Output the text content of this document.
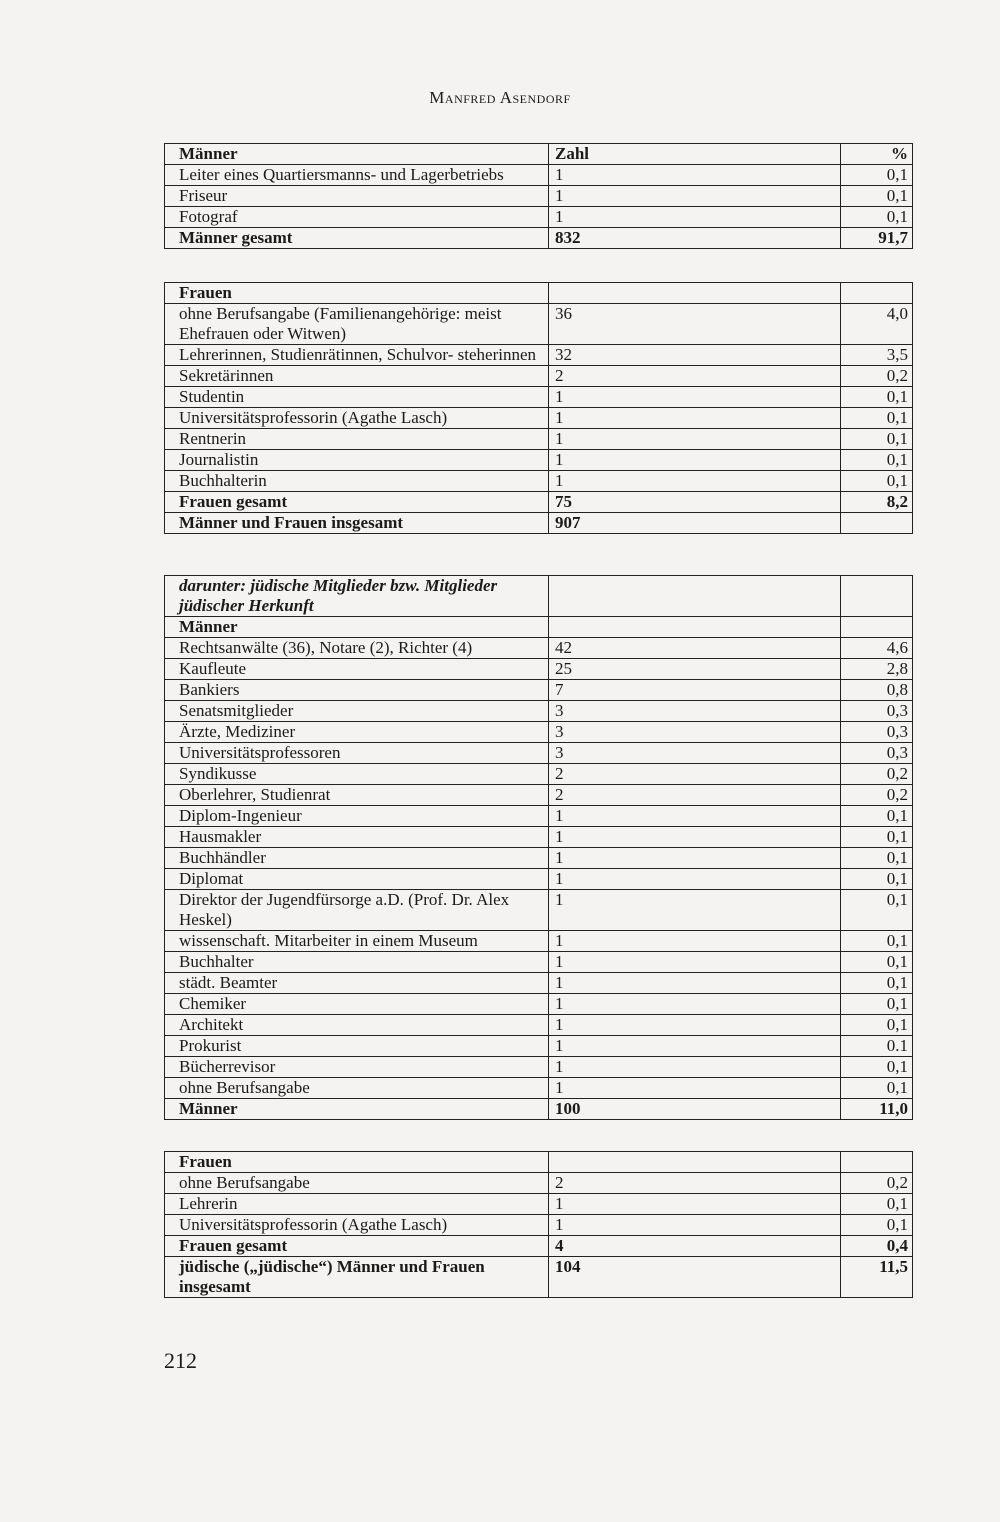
Manfred Asendorf
Männer	Zahl	%
Leiter eines Quartiersmanns- und Lagerbetriebs	1	0,1
Friseur	1	0,1
Fotograf	1	0,1
Männer gesamt	832	91,7
Frauen		
ohne Berufsangabe (Familienangehörige: meist Ehefrauen oder Witwen)	36	4,0
Lehrerinnen, Studienrätinnen, Schulvor- steherinnen	32	3,5
Sekretärinnen	2	0,2
Studentin	1	0,1
Universitätsprofessorin (Agathe Lasch)	1	0,1
Rentnerin	1	0,1
Journalistin	1	0,1
Buchhalterin	1	0,1
Frauen gesamt	75	8,2
Männer und Frauen insgesamt	907	
darunter: jüdische Mitglieder bzw. Mitglieder jüdischer Herkunft		
Männer		
Rechtsanwälte (36), Notare (2), Richter (4)	42	4,6
Kaufleute	25	2,8
Bankiers	7	0,8
Senatsmitglieder	3	0,3
Ärzte, Mediziner	3	0,3
Universitätsprofessoren	3	0,3
Syndikusse	2	0,2
Oberlehrer, Studienrat	2	0,2
Diplom-Ingenieur	1	0,1
Hausmakler	1	0,1
Buchhändler	1	0,1
Diplomat	1	0,1
Direktor der Jugendfürsorge a.D. (Prof. Dr. Alex Heskel)	1	0,1
wissenschaft. Mitarbeiter in einem Museum	1	0,1
Buchhalter	1	0,1
städt. Beamter	1	0,1
Chemiker	1	0,1
Architekt	1	0,1
Prokurist	1	0.1
Bücherrevisor	1	0,1
ohne Berufsangabe	1	0,1
Männer	100	11,0
Frauen		
ohne Berufsangabe	2	0,2
Lehrerin	1	0,1
Universitätsprofessorin (Agathe Lasch)	1	0,1
Frauen gesamt	4	0,4
jüdische („jüdische“) Männer und Frauen insgesamt	104	11,5
212
